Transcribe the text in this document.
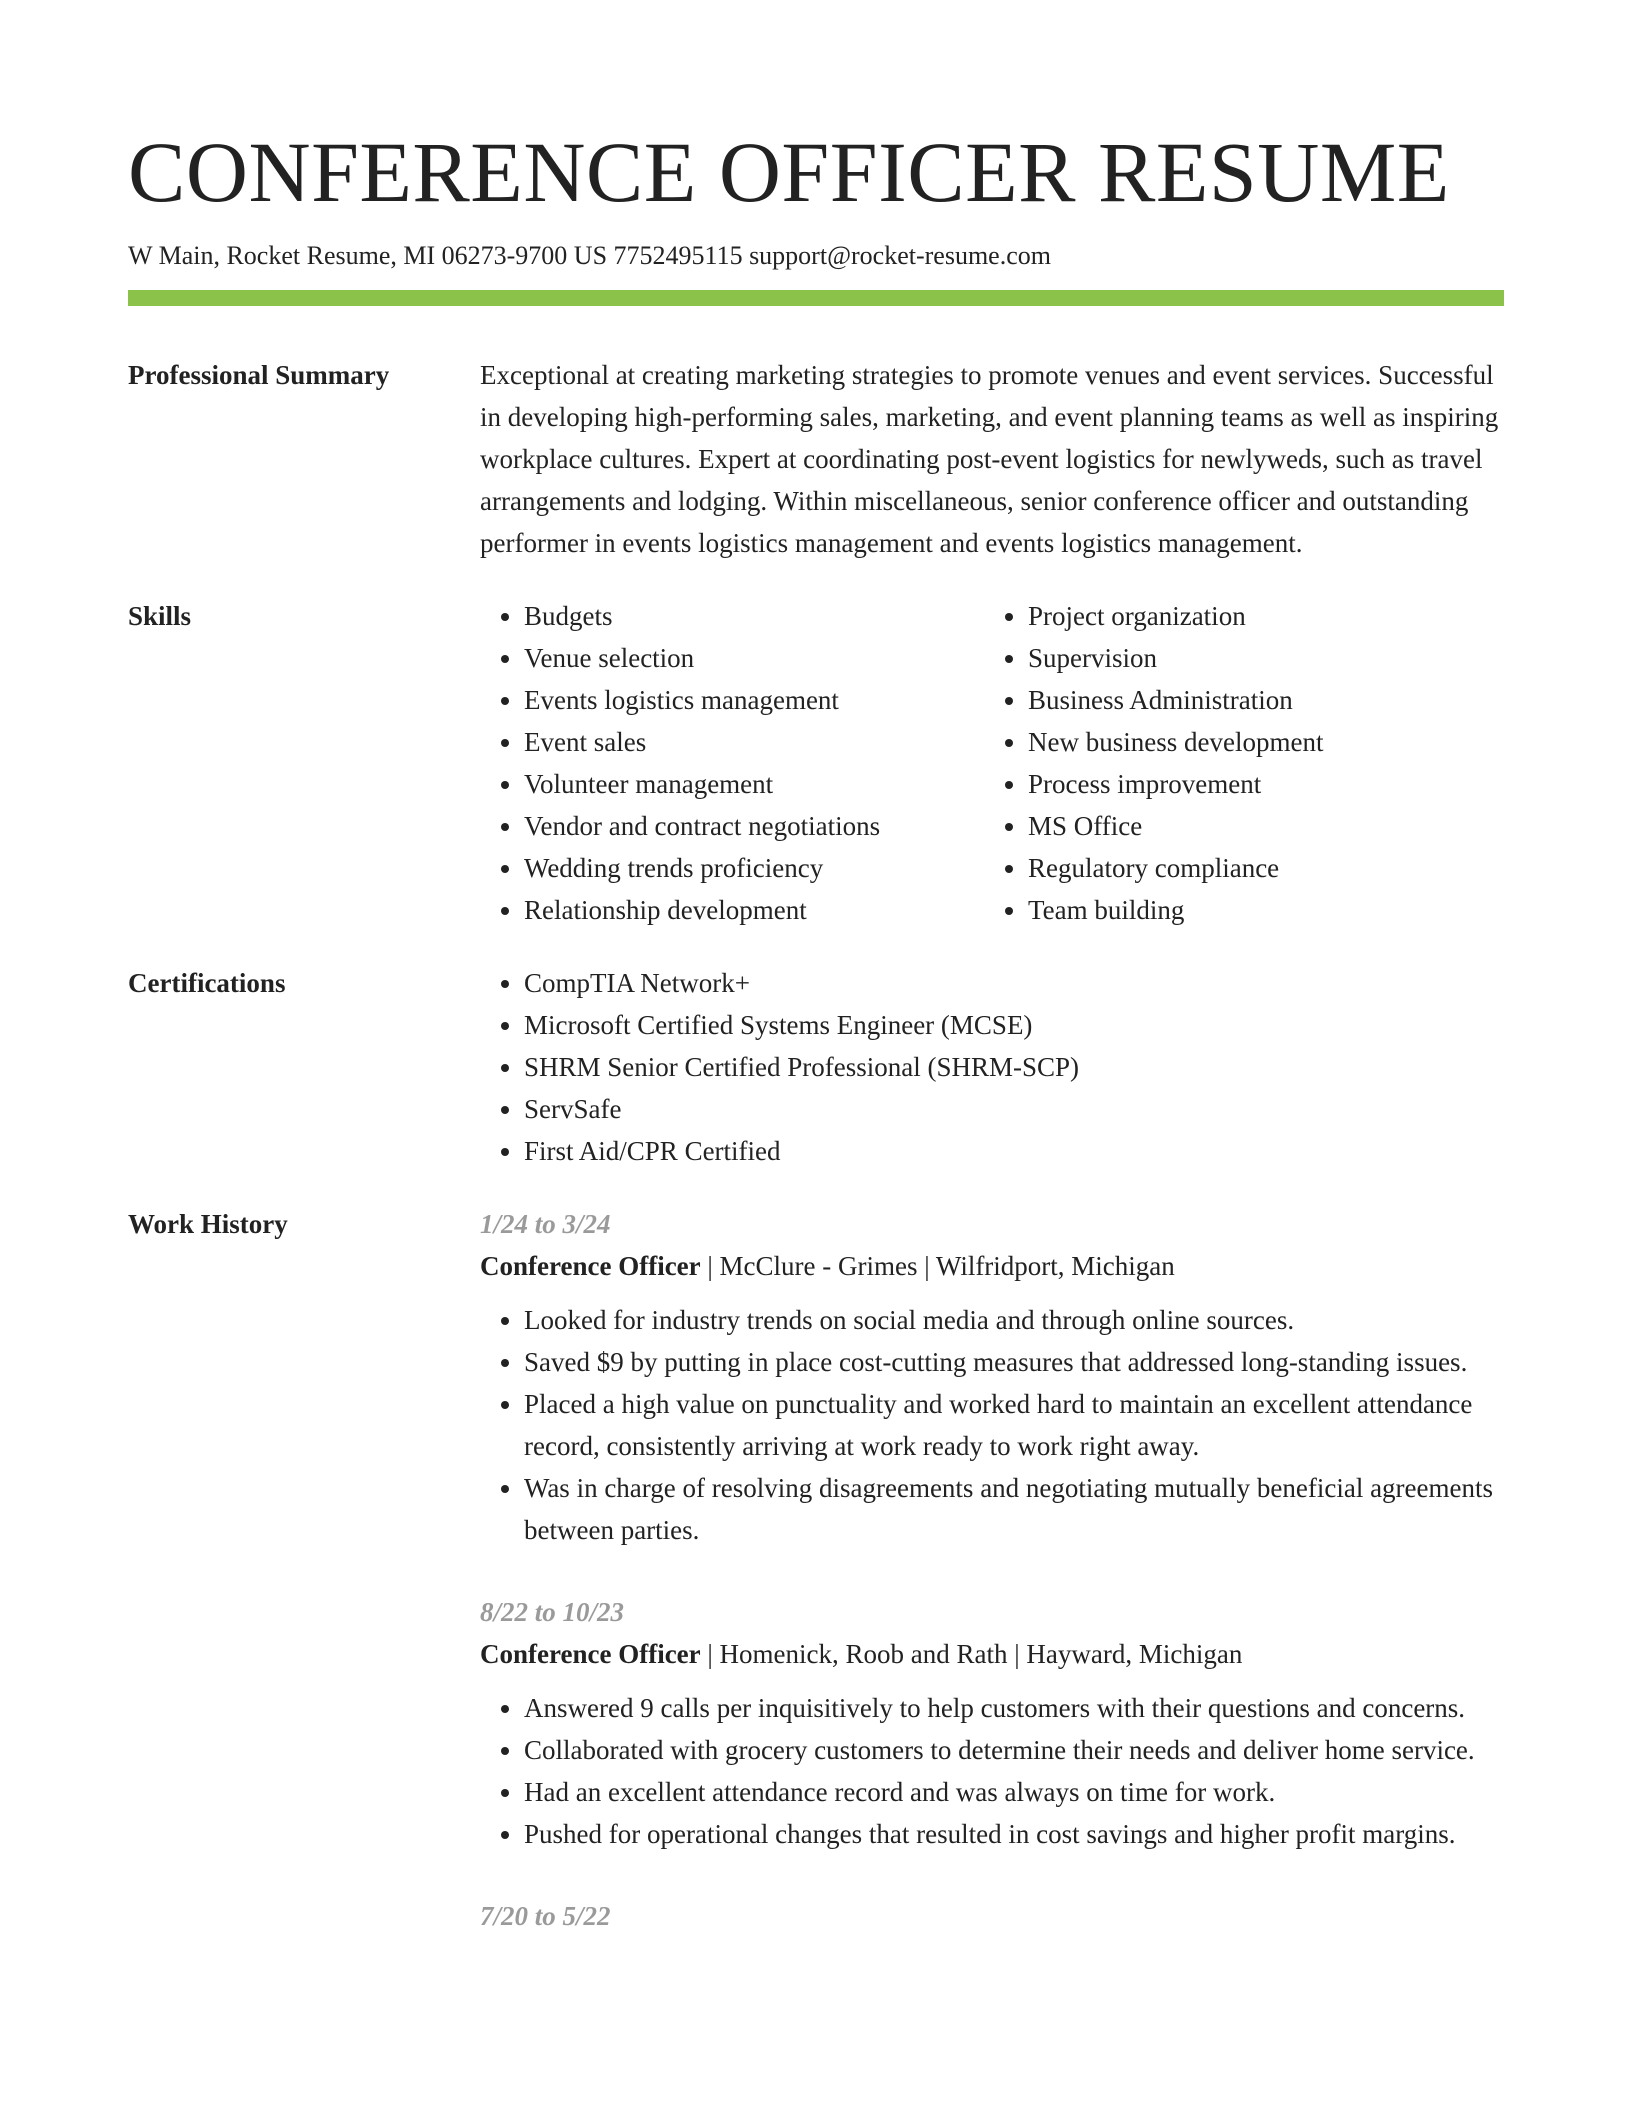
CONFERENCE OFFICER RESUME
W Main, Rocket Resume, MI 06273-9700 US 7752495115 support@rocket-resume.com
Professional Summary	Exceptional at creating marketing strategies to promote venues and event services. Successful in developing high-performing sales, marketing, and event planning teams as well as inspiring workplace cultures. Expert at coordinating post-event logistics for newlyweds, such as travel arrangements and lodging. Within miscellaneous, senior conference officer and outstanding performer in events logistics management and events logistics management.

Skills	• Budgets
• Venue selection
• Events logistics management
• Event sales
• Volunteer management
• Vendor and contract negotiations
• Wedding trends proficiency
• Relationship development
• Project organization
• Supervision
• Business Administration
• New business development
• Process improvement
• MS Office
• Regulatory compliance
• Team building
Certifications	• CompTIA Network+
• Microsoft Certified Systems Engineer (MCSE)
• SHRM Senior Certified Professional (SHRM-SCP)
• ServSafe
• First Aid/CPR Certified
Work History	1/24 to 3/24
Conference Officer | McClure - Grimes | Wilfridport, Michigan
• Looked for industry trends on social media and through online sources.
• Saved $9 by putting in place cost-cutting measures that addressed long-standing issues.
• Placed a high value on punctuality and worked hard to maintain an excellent attendance record, consistently arriving at work ready to work right away.
• Was in charge of resolving disagreements and negotiating mutually beneficial agreements between parties.
8/22 to 10/23
Conference Officer | Homenick, Roob and Rath | Hayward, Michigan
• Answered 9 calls per inquisitively to help customers with their questions and concerns.
• Collaborated with grocery customers to determine their needs and deliver home service.
• Had an excellent attendance record and was always on time for work.
• Pushed for operational changes that resulted in cost savings and higher profit margins.
7/20 to 5/22
